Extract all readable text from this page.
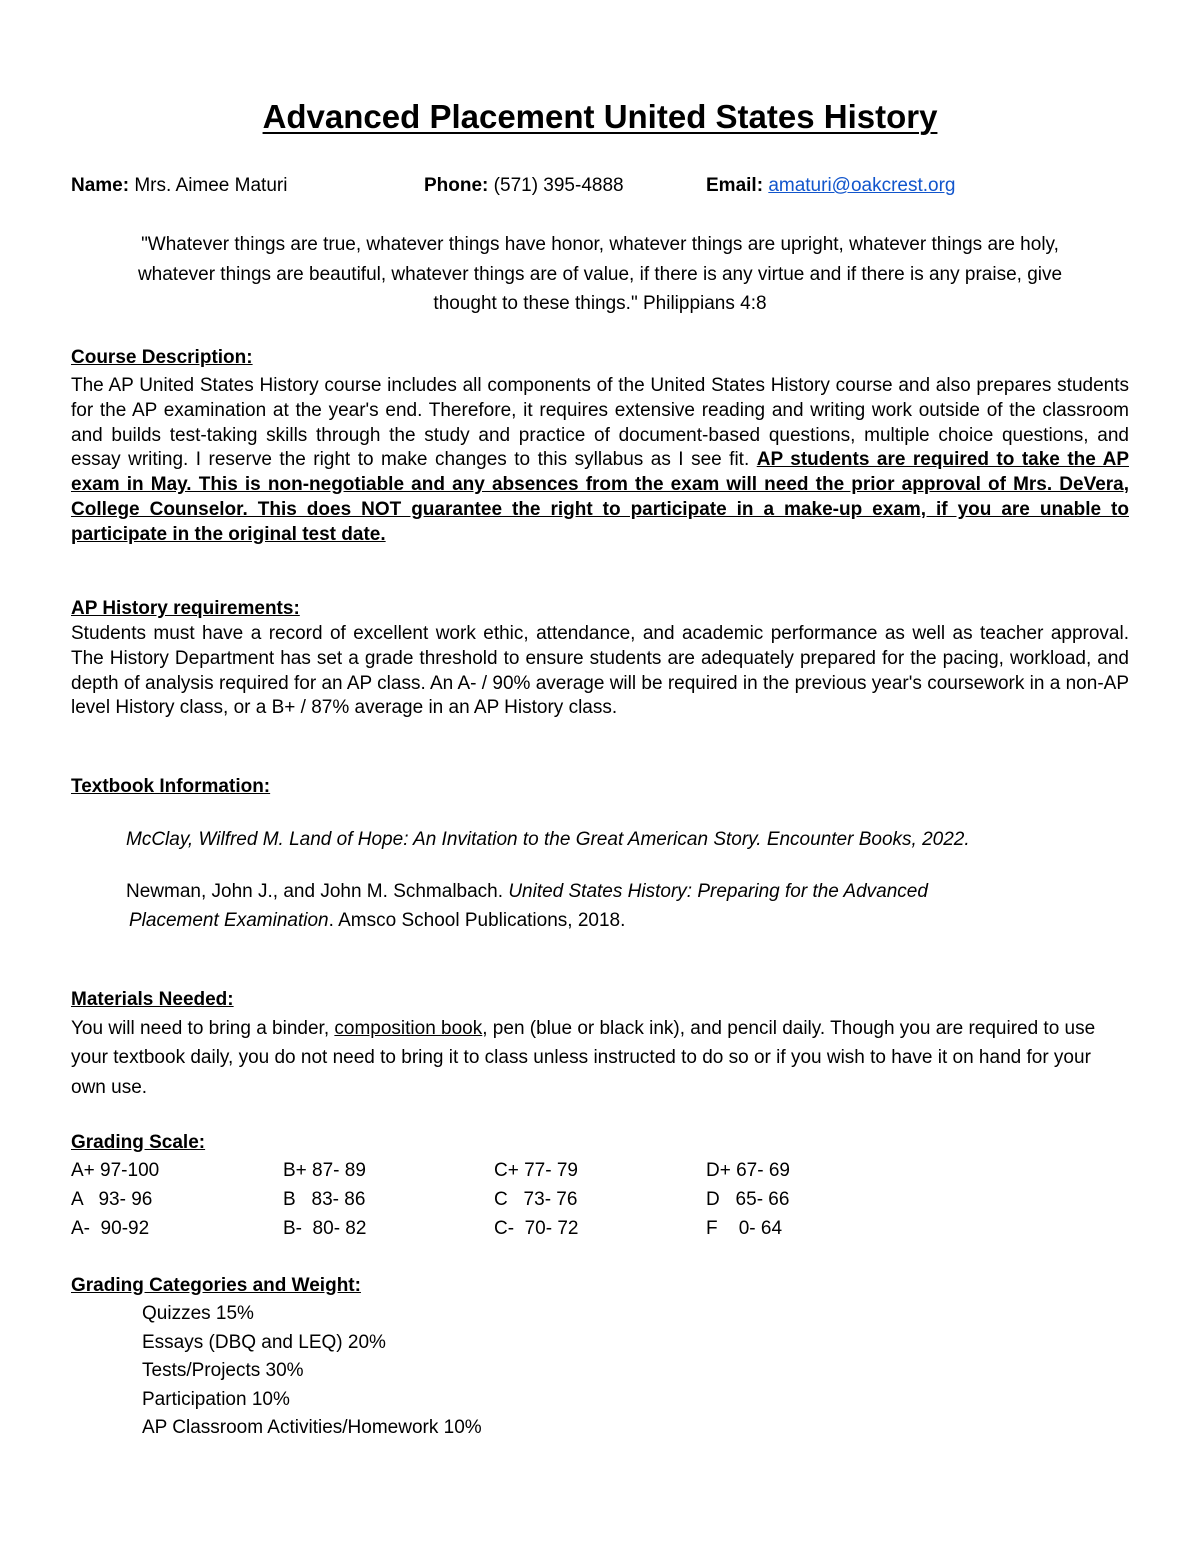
Advanced Placement United States History
Name: Mrs. Aimee Maturi	Phone: (571) 395-4888	Email: amaturi@oakcrest.org
"Whatever things are true, whatever things have honor, whatever things are upright, whatever things are holy,
whatever things are beautiful, whatever things are of value, if there is any virtue and if there is any praise, give
thought to these things." Philippians 4:8
Course Description:
The AP United States History course includes all components of the United States History course and also prepares students for the AP examination at the year's end. Therefore, it requires extensive reading and writing work outside of the classroom and builds test-taking skills through the study and practice of document-based questions, multiple choice questions, and essay writing. I reserve the right to make changes to this syllabus as I see fit. AP students are required to take the AP exam in May. This is non-negotiable and any absences from the exam will need the prior approval of Mrs. DeVera, College Counselor. This does NOT guarantee the right to participate in a make-up exam, if you are unable to participate in the original test date.
AP History requirements:
Students must have a record of excellent work ethic, attendance, and academic performance as well as teacher approval. The History Department has set a grade threshold to ensure students are adequately prepared for the pacing, workload, and depth of analysis required for an AP class. An A- / 90% average will be required in the previous year's coursework in a non-AP level History class, or a B+ / 87% average in an AP History class.
Textbook Information:
McClay, Wilfred M. Land of Hope: An Invitation to the Great American Story. Encounter Books, 2022.
Newman, John J., and John M. Schmalbach. United States History: Preparing for the Advanced
Placement Examination. Amsco School Publications, 2018.
Materials Needed:
You will need to bring a binder, composition book, pen (blue or black ink), and pencil daily. Though you are required to use your textbook daily, you do not need to bring it to class unless instructed to do so or if you wish to have it on hand for your own use.
Grading Scale:
A+ 97-100
A   93- 96
A-  90-92
B+ 87- 89
B   83- 86
B-  80- 82
C+ 77- 79
C   73- 76
C-  70- 72
D+ 67- 69
D   65- 66
F    0- 64
Grading Categories and Weight:
Quizzes 15%
Essays (DBQ and LEQ) 20%
Tests/Projects 30%
Participation 10%
AP Classroom Activities/Homework 10%
